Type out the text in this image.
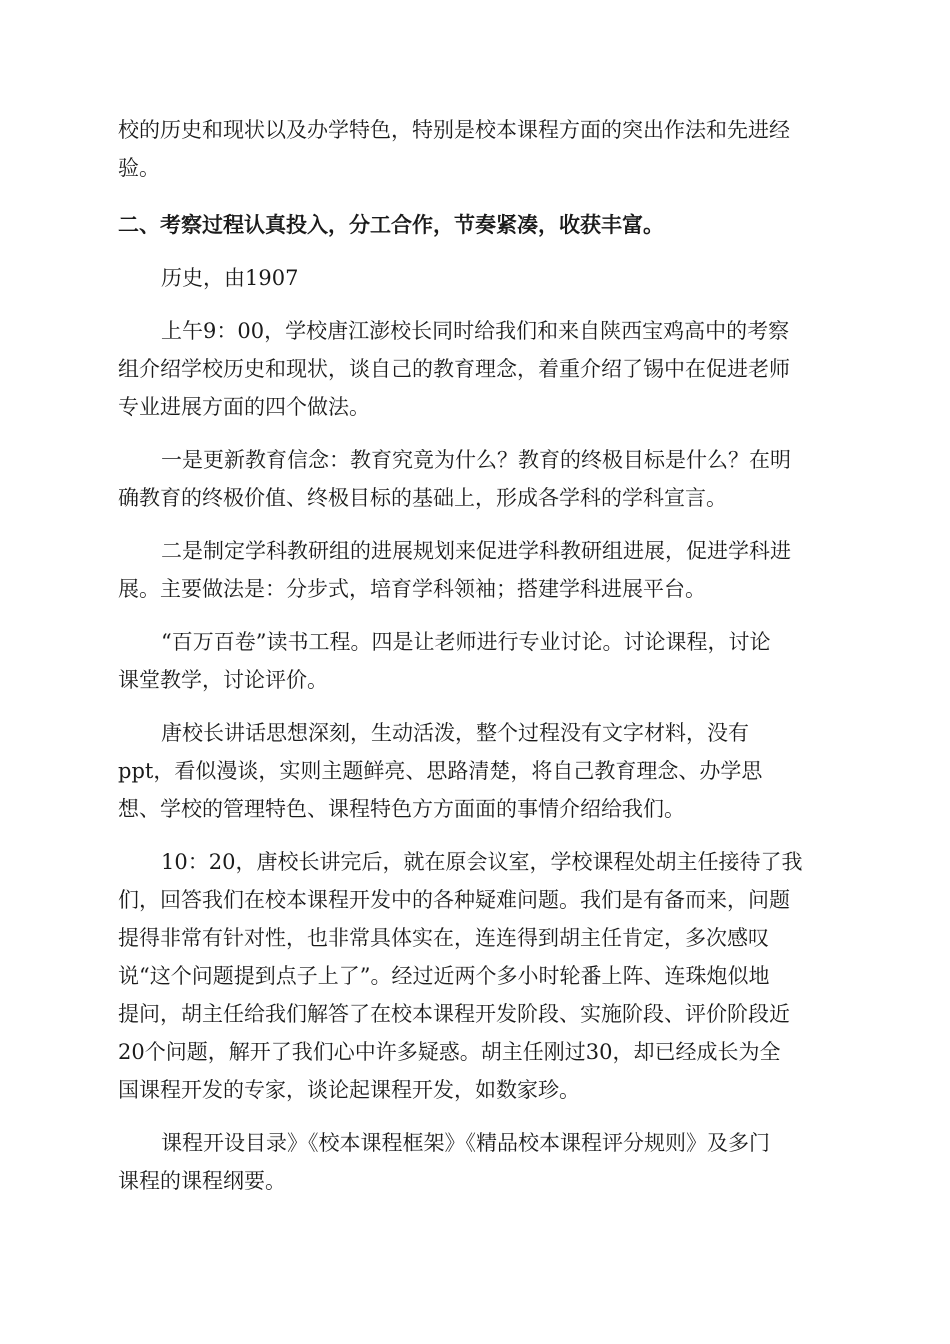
校的历史和现状以及办学特色，特别是校本课程方面的突出作法和先进经

验。

二、考察过程认真投入，分工合作，节奏紧凑，收获丰富。

历史，由1907

上午9：00，学校唐江澎校长同时给我们和来自陕西宝鸡高中的考察

组介绍学校历史和现状，谈自己的教育理念，着重介绍了锡中在促进老师

专业进展方面的四个做法。

一是更新教育信念：教育究竟为什么？教育的终极目标是什么？在明

确教育的终极价值、终极目标的基础上，形成各学科的学科宣言。

二是制定学科教研组的进展规划来促进学科教研组进展，促进学科进

展。主要做法是：分步式，培育学科领袖；搭建学科进展平台。

“百万百卷”读书工程。四是让老师进行专业讨论。讨论课程，讨论

课堂教学，讨论评价。

唐校长讲话思想深刻，生动活泼，整个过程没有文字材料，没有

ppt，看似漫谈，实则主题鲜亮、思路清楚，将自己教育理念、办学思

想、学校的管理特色、课程特色方方面面的事情介绍给我们。

10：20，唐校长讲完后，就在原会议室，学校课程处胡主任接待了我

们，回答我们在校本课程开发中的各种疑难问题。我们是有备而来，问题

提得非常有针对性，也非常具体实在，连连得到胡主任肯定，多次感叹

说“这个问题提到点子上了”。经过近两个多小时轮番上阵、连珠炮似地

提问，胡主任给我们解答了在校本课程开发阶段、实施阶段、评价阶段近

20个问题，解开了我们心中许多疑惑。胡主任刚过30，却已经成长为全

国课程开发的专家，谈论起课程开发，如数家珍。

课程开设目录》《校本课程框架》《精品校本课程评分规则》及多门

课程的课程纲要。
